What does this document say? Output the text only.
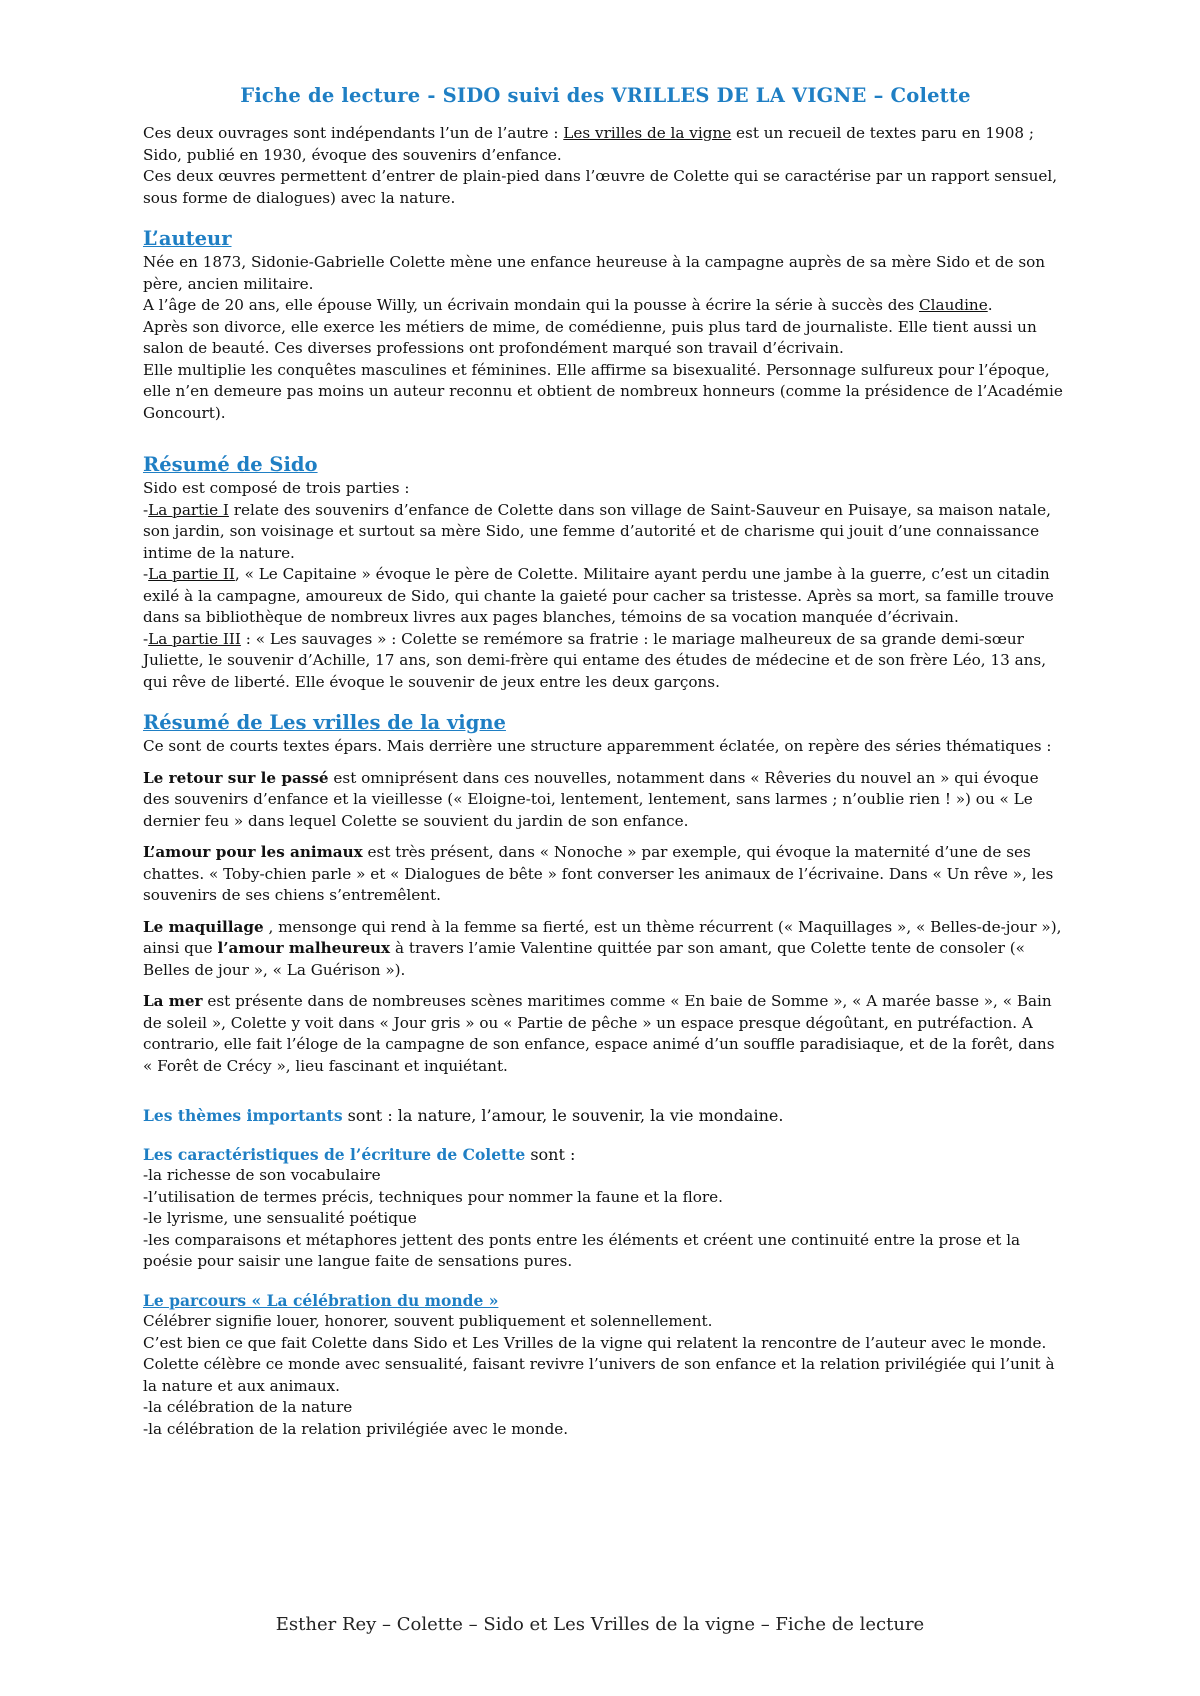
Fiche de lecture - SIDO suivi des VRILLES DE LA VIGNE – Colette

Ces deux ouvrages sont indépendants l’un de l’autre : Les vrilles de la vigne est un recueil de textes paru en 1908 ; Sido, publié en 1930, évoque des souvenirs d’enfance.

Ces deux œuvres permettent d’entrer de plain-pied dans l’œuvre de Colette qui se caractérise par un rapport sensuel, sous forme de dialogues) avec la nature.

L’auteur

Née en 1873, Sidonie-Gabrielle Colette mène une enfance heureuse à la campagne auprès de sa mère Sido et de son père, ancien militaire.

A l’âge de 20 ans, elle épouse Willy, un écrivain mondain qui la pousse à écrire la série à succès des Claudine.

Après son divorce, elle exerce les métiers de mime, de comédienne, puis plus tard de journaliste. Elle tient aussi un salon de beauté. Ces diverses professions ont profondément marqué son travail d’écrivain.

Elle multiplie les conquêtes masculines et féminines. Elle affirme sa bisexualité. Personnage sulfureux pour l’époque, elle n’en demeure pas moins un auteur reconnu et obtient de nombreux honneurs (comme la présidence de l’Académie Goncourt).

Résumé de Sido

Sido est composé de trois parties :

-La partie I relate des souvenirs d’enfance de Colette dans son village de Saint-Sauveur en Puisaye, sa maison natale, son jardin, son voisinage et surtout sa mère Sido, une femme d’autorité et de charisme qui jouit d’une connaissance intime de la nature.

-La partie II, « Le Capitaine » évoque le père de Colette. Militaire ayant perdu une jambe à la guerre, c’est un citadin exilé à la campagne, amoureux de Sido, qui chante la gaieté pour cacher sa tristesse. Après sa mort, sa famille trouve dans sa bibliothèque de nombreux livres aux pages blanches, témoins de sa vocation manquée d’écrivain.

-La partie III : « Les sauvages » : Colette se remémore sa fratrie : le mariage malheureux de sa grande demi-sœur Juliette, le souvenir d’Achille, 17 ans, son demi-frère qui entame des études de médecine et de son frère Léo, 13 ans, qui rêve de liberté. Elle évoque le souvenir de jeux entre les deux garçons.

Résumé de Les vrilles de la vigne

Ce sont de courts textes épars. Mais derrière une structure apparemment éclatée, on repère des séries thématiques :

Le retour sur le passé est omniprésent dans ces nouvelles, notamment dans « Rêveries du nouvel an » qui évoque des souvenirs d’enfance et la vieillesse (« Eloigne-toi, lentement, lentement, sans larmes ; n’oublie rien ! ») ou « Le dernier feu » dans lequel Colette se souvient du jardin de son enfance.

L’amour pour les animaux est très présent, dans « Nonoche » par exemple, qui évoque la maternité d’une de ses chattes. « Toby-chien parle » et « Dialogues de bête » font converser les animaux de l’écrivaine. Dans « Un rêve », les souvenirs de ses chiens s’entremêlent.

Le maquillage , mensonge qui rend à la femme sa fierté, est un thème récurrent (« Maquillages », « Belles-de-jour »), ainsi que l’amour malheureux à travers l’amie Valentine quittée par son amant, que Colette tente de consoler (« Belles de jour », « La Guérison »).

La mer est présente dans de nombreuses scènes maritimes comme « En baie de Somme », « A marée basse », « Bain de soleil », Colette y voit dans « Jour gris » ou « Partie de pêche » un espace presque dégoûtant, en putréfaction. A contrario, elle fait l’éloge de la campagne de son enfance, espace animé d’un souffle paradisiaque, et de la forêt, dans « Forêt de Crécy », lieu fascinant et inquiétant.

Les thèmes importants sont : la nature, l’amour, le souvenir, la vie mondaine.

Les caractéristiques de l’écriture de Colette sont :

-la richesse de son vocabulaire

-l’utilisation de termes précis, techniques pour nommer la faune et la flore.

-le lyrisme, une sensualité poétique

-les comparaisons et métaphores jettent des ponts entre les éléments et créent une continuité entre la prose et la poésie pour saisir une langue faite de sensations pures.

Le parcours « La célébration du monde »

Célébrer signifie louer, honorer, souvent publiquement et solennellement.

C’est bien ce que fait Colette dans Sido et Les Vrilles de la vigne qui relatent la rencontre de l’auteur avec le monde.

Colette célèbre ce monde avec sensualité, faisant revivre l’univers de son enfance et la relation privilégiée qui l’unit à la nature et aux animaux.

-la célébration de la nature

-la célébration de la relation privilégiée avec le monde.

Esther Rey – Colette – Sido et Les Vrilles de la vigne – Fiche de lecture
